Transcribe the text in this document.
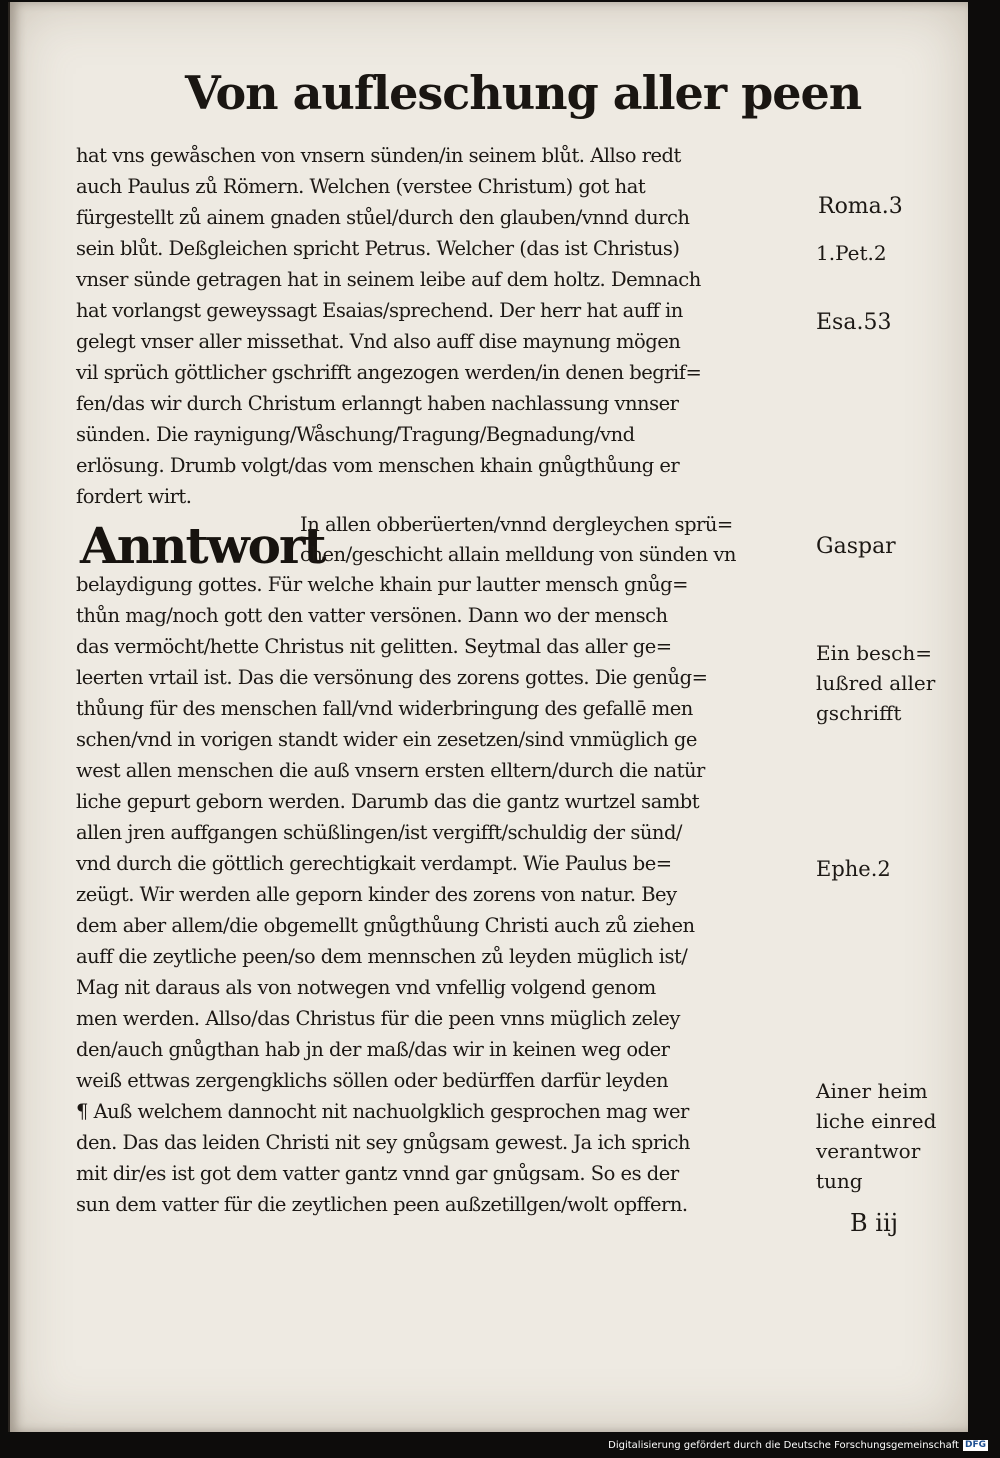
Von aufleschung aller peen

hat vns gewåschen von vnsern sünden/in seinem blůt. Allso redt

auch Paulus zů Römern. Welchen (verstee Christum) got hat

fürgestellt zů ainem gnaden stůel/durch den glauben/vnnd durch

sein blůt. Deßgleichen spricht Petrus. Welcher (das ist Christus)

vnser sünde getragen hat in seinem leibe auf dem holtz. Demnach

hat vorlangst geweyssagt Esaias/sprechend. Der herr hat auff in

gelegt vnser aller missethat. Vnd also auff dise maynung mögen

vil sprüch göttlicher gschrifft angezogen werden/in denen begrif=

fen/das wir durch Christum erlanngt haben nachlassung vnnser

sünden. Die raynigung/Wåschung/Tragung/Begnadung/vnd

erlösung. Drumb volgt/das vom menschen khain gnůgthůung er

fordert wirt.

Anntwort

In allen obberüerten/vnnd dergleychen sprü=

chen/geschicht allain melldung von sünden vn

belaydigung gottes. Für welche khain pur lautter mensch gnůg=

thůn mag/noch gott den vatter versönen. Dann wo der mensch

das vermöcht/hette Christus nit gelitten. Seytmal das aller ge=

leerten vrtail ist. Das die versönung des zorens gottes. Die genůg=

thůung für des menschen fall/vnd widerbringung des gefallē men

schen/vnd in vorigen standt wider ein zesetzen/sind vnmüglich ge

west allen menschen die auß vnsern ersten elltern/durch die natür

liche gepurt geborn werden. Darumb das die gantz wurtzel sambt

allen jren auffgangen schüßlingen/ist vergifft/schuldig der sünd/

vnd durch die göttlich gerechtigkait verdampt. Wie Paulus be=

zeügt. Wir werden alle geporn kinder des zorens von natur. Bey

dem aber allem/die obgemellt gnůgthůung Christi auch zů ziehen

auff die zeytliche peen/so dem mennschen zů leyden müglich ist/

Mag nit daraus als von notwegen vnd vnfellig volgend genom

men werden. Allso/das Christus für die peen vnns müglich zeley

den/auch gnůgthan hab jn der maß/das wir in keinen weg oder

weiß ettwas zergengklichs söllen oder bedürffen darfür leyden

¶ Auß welchem dannocht nit nachuolgklich gesprochen mag wer

den. Das das leiden Christi nit sey gnůgsam gewest. Ja ich sprich

mit dir/es ist got dem vatter gantz vnnd gar gnůgsam. So es der

sun dem vatter für die zeytlichen peen außzetillgen/wolt opffern.

Roma.3

1.Pet.2

Esa.53

Gaspar

Ein besch=

lußred aller

gschrifft

Ephe.2

Ainer heim

liche einred

verantwor

tung

B iij

Digitalisierung gefördert durch die Deutsche Forschungsgemeinschaft DFG
